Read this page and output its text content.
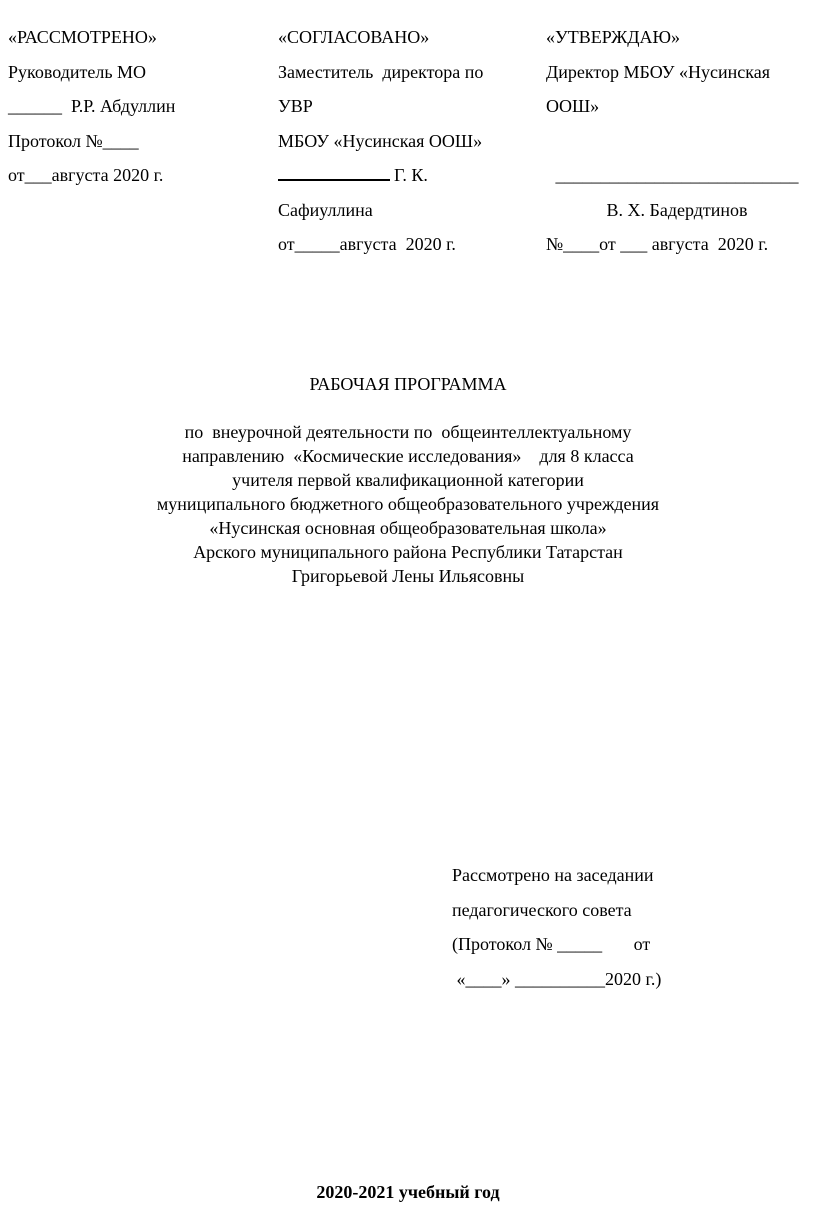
«РАССМОТРЕНО»
Руководитель МО
______  Р.Р. Абдуллин
Протокол №____
от___августа 2020 г.
«СОГЛАСОВАНО»
Заместитель  директора по
УВР
МБОУ «Нусинская ООШ»
Г. К.
Сафиуллина
от_____августа  2020 г.
«УТВЕРЖДАЮ»
Директор МБОУ «Нусинская
ООШ»
___________________________
В. Х. Бадердтинов
№____от ___ августа  2020 г.
РАБОЧАЯ ПРОГРАММА
по  внеурочной деятельности по  общеинтеллектуальному
направлению  «Космические исследования»    для 8 класса
учителя первой квалификационной категории
муниципального бюджетного общеобразовательного учреждения
«Нусинская основная общеобразовательная школа»
Арского муниципального района Республики Татарстан
Григорьевой Лены Ильясовны
Рассмотрено на заседании
педагогического совета
(Протокол № _____       от
«____» __________2020 г.)
2020-2021 учебный год
